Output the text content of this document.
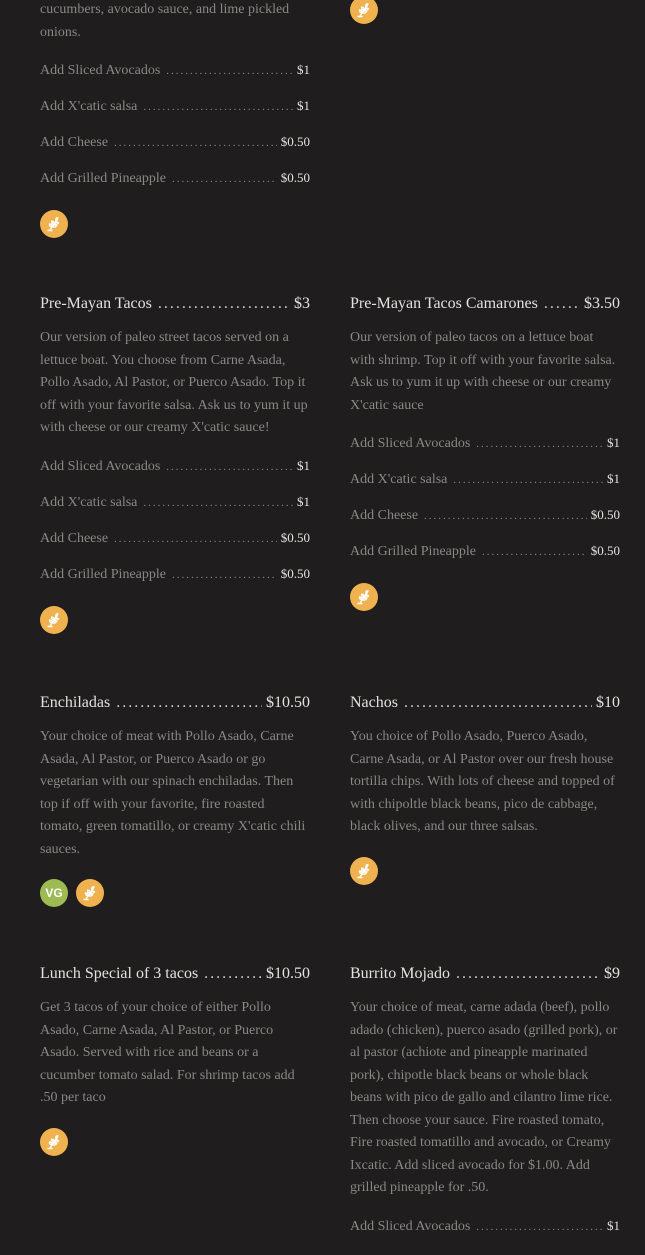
cucumbers, avocado sauce, and lime pickled onions.
Add Sliced Avocados .....	$1
Add X'catic salsa .....	$1
Add Cheese .....	$0.50
Add Grilled Pineapple .....	$0.50
Pre-Mayan Tacos .....	$3
Our version of paleo street tacos served on a lettuce boat. You choose from Carne Asada, Pollo Asado, Al Pastor, or Puerco Asado. Top it off with your favorite salsa. Ask us to yum it up with cheese or our creamy X'catic sauce!
Add Sliced Avocados .....	$1
Add X'catic salsa .....	$1
Add Cheese .....	$0.50
Add Grilled Pineapple .....	$0.50
Pre-Mayan Tacos Camarones .....	$3.50
Our version of paleo tacos on a lettuce boat with shrimp. Top it off with your favorite salsa. Ask us to yum it up with cheese or our creamy X'catic sauce
Add Sliced Avocados .....	$1
Add X'catic salsa .....	$1
Add Cheese .....	$0.50
Add Grilled Pineapple .....	$0.50
Enchiladas .....	$10.50
Your choice of meat with Pollo Asado, Carne Asada, Al Pastor, or Puerco Asado or go vegetarian with our spinach enchiladas. Then top if off with your favorite, fire roasted tomato, green tomatillo, or creamy X'catic chili sauces.
VG
Nachos .....	$10
You choice of Pollo Asado, Puerco Asado, Carne Asada, or Al Pastor over our fresh house tortilla chips. With lots of cheese and topped of with chipoltle black beans, pico de cabbage, black olives, and our three salsas.
Lunch Special of 3 tacos .....	$10.50
Get 3 tacos of your choice of either Pollo Asado, Carne Asada, Al Pastor, or Puerco Asado. Served with rice and beans or a cucumber tomato salad. For shrimp tacos add .50 per taco
Burrito Mojado .....	$9
Your choice of meat, carne adada (beef), pollo adado (chicken), puerco asado (grilled pork), or al pastor (achiote and pineapple marinated pork), chipotle black beans or whole black beans with pico de gallo and cilantro lime rice. Then choose your sauce. Fire roasted tomato, Fire roasted tomatillo and avocado, or Creamy Ixcatic. Add sliced avocado for $1.00. Add grilled pineapple for .50.
Add Sliced Avocados .....	$1
